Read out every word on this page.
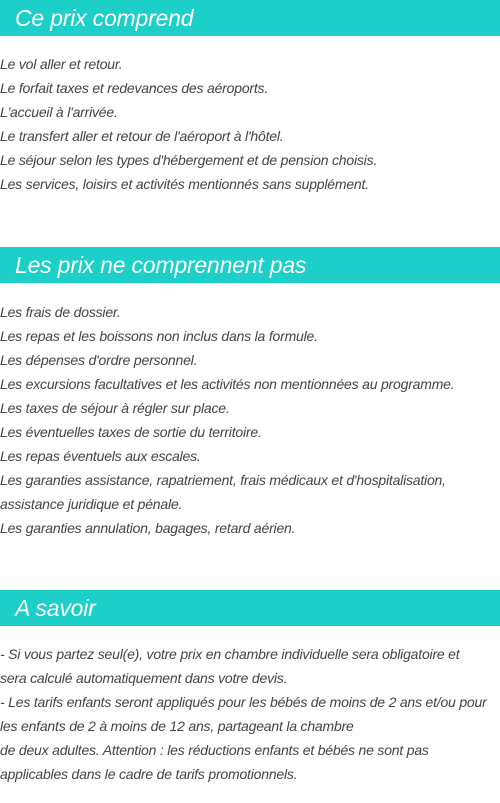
Ce prix comprend
Le vol aller et retour.
Le forfait taxes et redevances des aéroports.
L'accueil à l'arrivée.
Le transfert aller et retour de l'aéroport à l'hôtel.
Le séjour selon les types d'hébergement et de pension choisis.
Les services, loisirs et activités mentionnés sans supplément.
Les prix ne comprennent pas
Les frais de dossier.
Les repas et les boissons non inclus dans la formule.
Les dépenses d'ordre personnel.
Les excursions facultatives et les activités non mentionnées au programme.
Les taxes de séjour à régler sur place.
Les éventuelles taxes de sortie du territoire.
Les repas éventuels aux escales.
Les garanties assistance, rapatriement, frais médicaux et d'hospitalisation,
assistance juridique et pénale.
Les garanties annulation, bagages, retard aérien.
A savoir
- Si vous partez seul(e), votre prix en chambre individuelle sera obligatoire et
sera calculé automatiquement dans votre devis.
- Les tarifs enfants seront appliqués pour les bébés de moins de 2 ans et/ou pour
les enfants de 2 à moins de 12 ans, partageant la chambre
de deux adultes. Attention : les réductions enfants et bébés ne sont pas
applicables dans le cadre de tarifs promotionnels.
